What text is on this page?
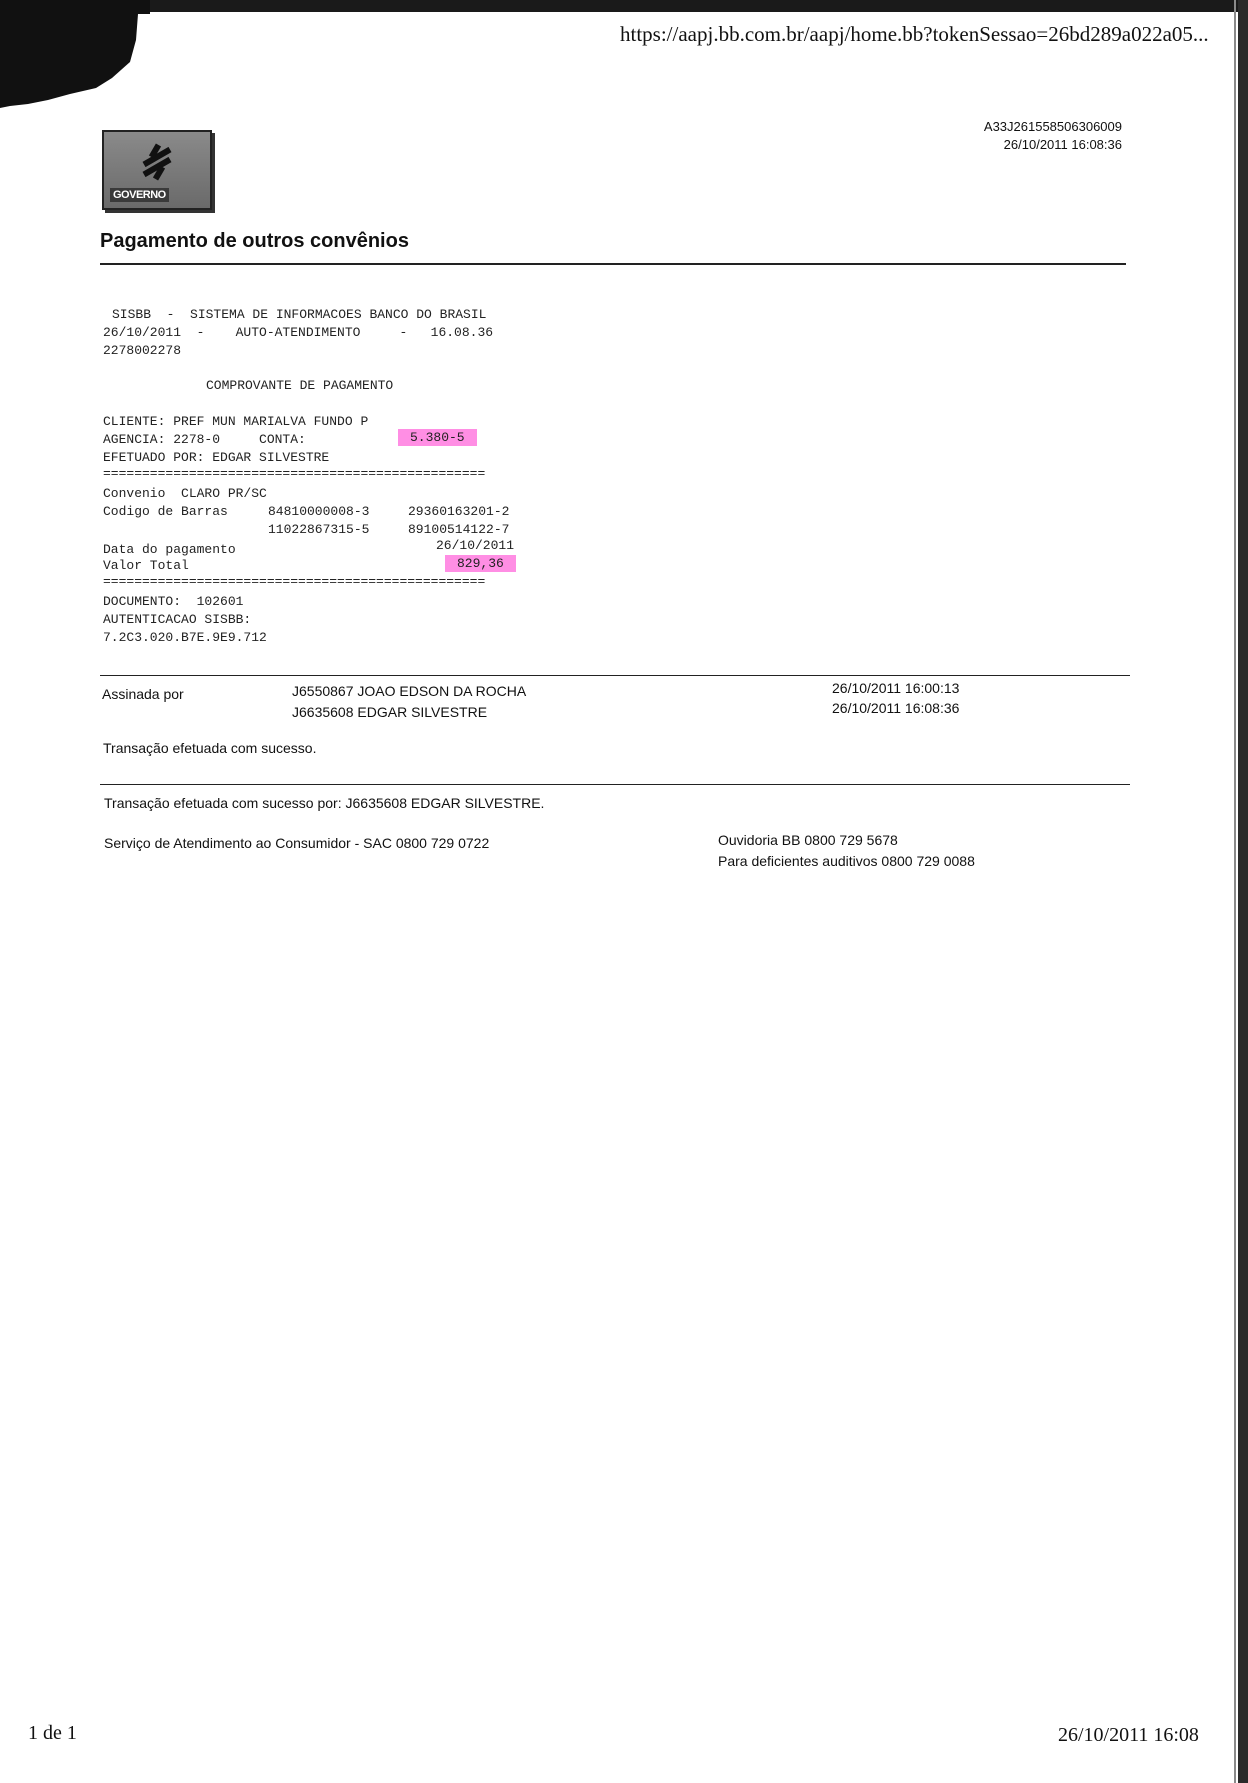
https://aapj.bb.com.br/aapj/home.bb?tokenSessao=26bd289a022a05...
A33J261558506306009
26/10/2011 16:08:36
GOVERNO
Pagamento de outros convênios
SISBB  -  SISTEMA DE INFORMACOES BANCO DO BRASIL
26/10/2011  -    AUTO-ATENDIMENTO     -   16.08.36
2278002278
COMPROVANTE DE PAGAMENTO
CLIENTE: PREF MUN MARIALVA FUNDO P
AGENCIA: 2278-0     CONTA:	5.380-5
EFETUADO POR: EDGAR SILVESTRE
=================================================
Convenio  CLARO PR/SC
Codigo de Barras	84810000008-3	29360163201-2
11022867315-5	89100514122-7
Data do pagamento	26/10/2011
Valor Total	829,36
=================================================
DOCUMENTO:  102601
AUTENTICACAO SISBB:
7.2C3.020.B7E.9E9.712
Assinada por	J6550867 JOAO EDSON DA ROCHA	26/10/2011 16:00:13
J6635608 EDGAR SILVESTRE	26/10/2011 16:08:36
Transação efetuada com sucesso.
Transação efetuada com sucesso por: J6635608 EDGAR SILVESTRE.
Serviço de Atendimento ao Consumidor - SAC 0800 729 0722	Ouvidoria BB 0800 729 5678
Para deficientes auditivos 0800 729 0088
1 de 1	26/10/2011 16:08
